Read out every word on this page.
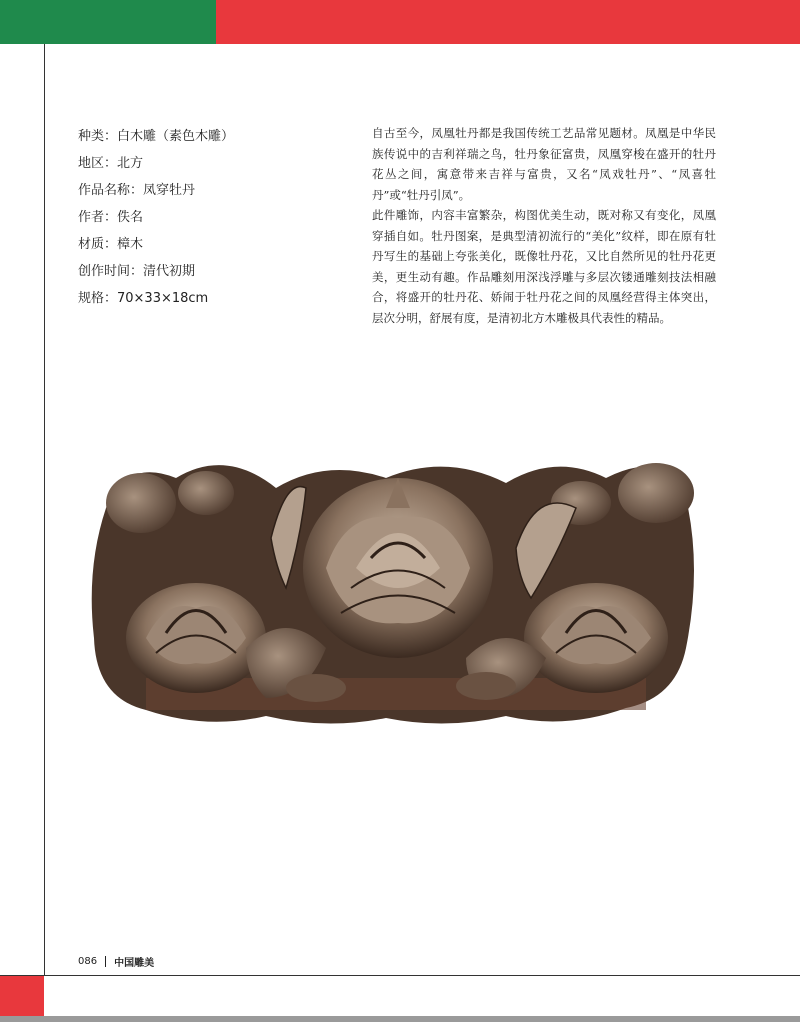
种类：白木雕（素色木雕）
地区：北方
作品名称：凤穿牡丹
作者：佚名
材质：樟木
创作时间：清代初期
规格：70×33×18cm

自古至今，凤凰牡丹都是我国传统工艺品常见题材。凤凰是中华民族传说中的吉利祥瑞之鸟，牡丹象征富贵，凤凰穿梭在盛开的牡丹花丛之间，寓意带来吉祥与富贵，又名“凤戏牡丹”、“凤喜牡丹”或“牡丹引凤”。

此件雕饰，内容丰富繁杂，构图优美生动，既对称又有变化，凤凰穿插自如。牡丹图案，是典型清初流行的“美化”纹样，即在原有牡丹写生的基础上夸张美化，既像牡丹花，又比自然所见的牡丹花更美，更生动有趣。作品雕刻用深浅浮雕与多层次镂通雕刻技法相融合，将盛开的牡丹花、娇闹于牡丹花之间的凤凰经营得主体突出，层次分明，舒展有度，是清初北方木雕极具代表性的精品。

086 中国雕美
